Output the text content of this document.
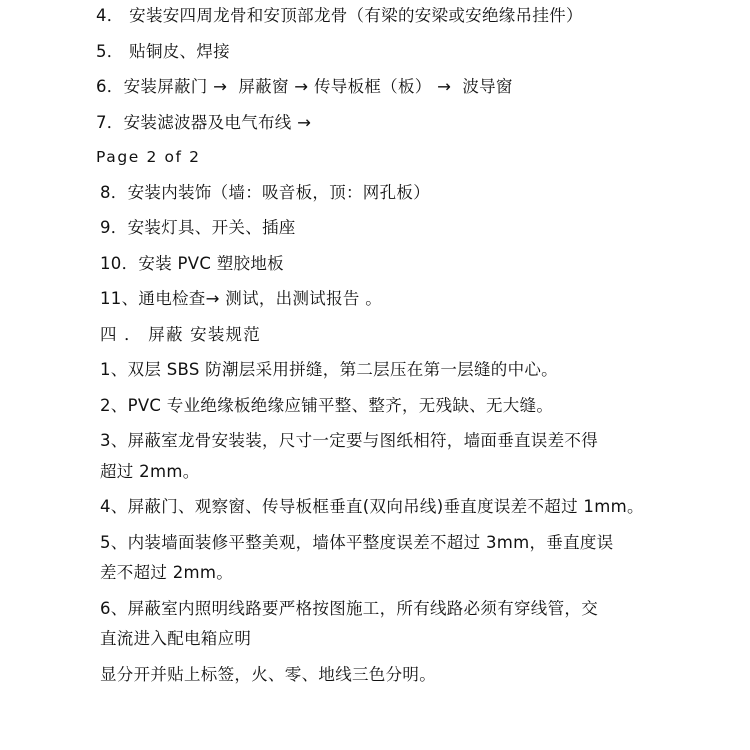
4． 安装安四周龙骨和安顶部龙骨（有梁的安梁或安绝缘吊挂件）
5． 贴铜皮、焊接
6．安装屏蔽门 →  屏蔽窗 → 传导板框（板） →  波导窗
7．安装滤波器及电气布线 →
Page 2 of 2
8．安装内装饰（墙：吸音板，顶：网孔板）
9．安装灯具、开关、插座
10．安装 PVC 塑胶地板
11、通电检查→ 测试，出测试报告 。
四 ． 屏蔽 安装规范
1、双层 SBS 防潮层采用拼缝，第二层压在第一层缝的中心。
2、PVC 专业绝缘板绝缘应铺平整、整齐，无残缺、无大缝。
3、屏蔽室龙骨安装装，尺寸一定要与图纸相符，墙面垂直误差不得
超过 2mm。
4、屏蔽门、观察窗、传导板框垂直(双向吊线)垂直度误差不超过 1mm。
5、内装墙面装修平整美观，墙体平整度误差不超过 3mm，垂直度误
差不超过 2mm。
6、屏蔽室内照明线路要严格按图施工，所有线路必须有穿线管，交
直流进入配电箱应明
显分开并贴上标签，火、零、地线三色分明。
